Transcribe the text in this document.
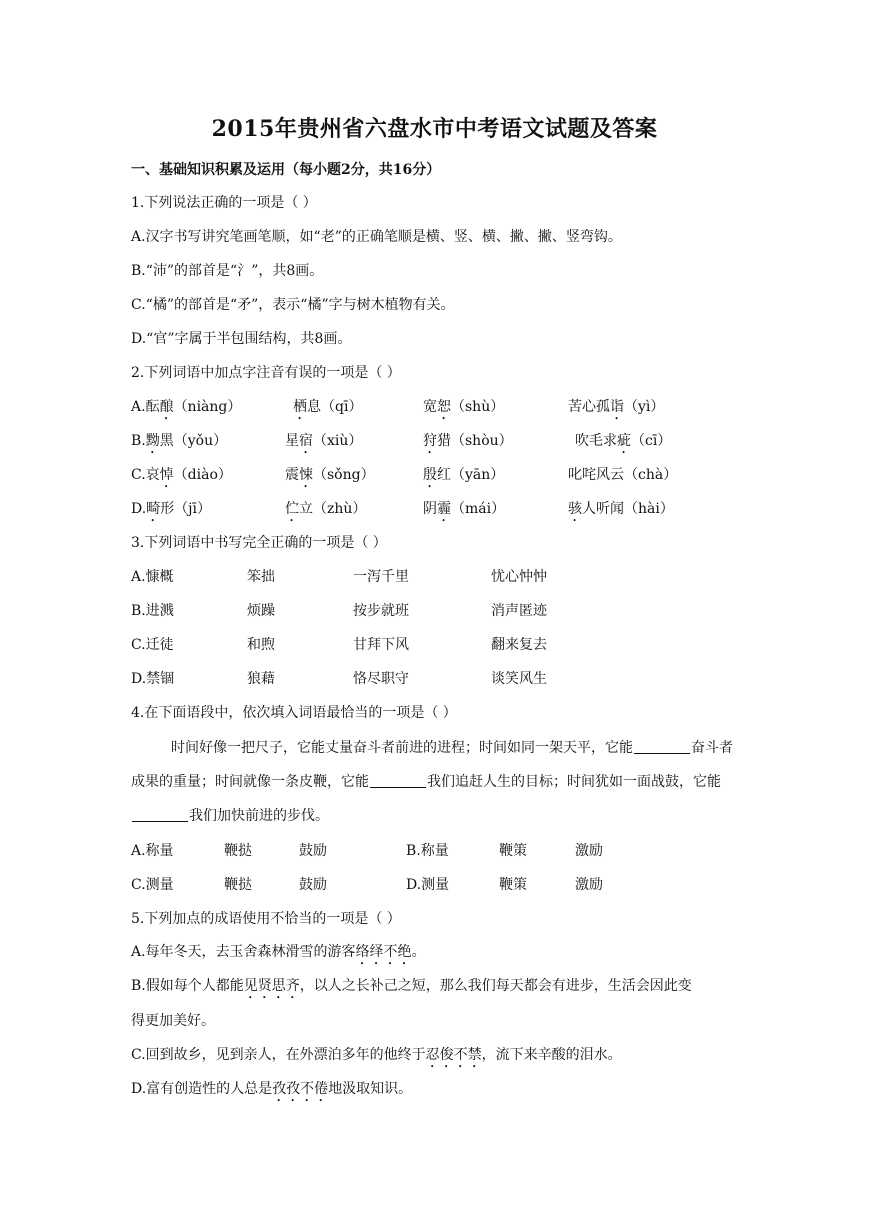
2015年贵州省六盘水市中考语文试题及答案
一、基础知识积累及运用（每小题2分，共16分）
1.下列说法正确的一项是（ ）
A.汉字书写讲究笔画笔顺，如“老”的正确笔顺是横、竖、横、撇、撇、竖弯钩。
B.“沛”的部首是“氵”，共8画。
C.“橘”的部首是“矛”，表示“橘”字与树木植物有关。
D.“官”字属于半包围结构，共8画。
2.下列词语中加点字注音有误的一项是（ ）
A.酝酿（niàng）	栖息（qī）	宽恕（shù）	苦心孤诣（yì）
B.黝黑（yǒu）	星宿（xiù）	狩猎（shòu）	吹毛求疵（cī）
C.哀悼（diào）	震悚（sǒng）	殷红（yān）	叱咤风云（chà）
D.畸形（jī）	伫立（zhù）	阴霾（mái）	骇人听闻（hài）
3.下列词语中书写完全正确的一项是（ ）
A.慷概	笨拙	一泻千里	忧心忡忡
B.进溅	烦躁	按步就班	消声匿迹
C.迁徒	和煦	甘拜下风	翻来复去
D.禁锢	狼藉	恪尽职守	谈笑风生
4.在下面语段中，依次填入词语最恰当的一项是（ ）
时间好像一把尺子，它能丈量奋斗者前进的进程；时间如同一架天平，它能	奋斗者成果的重量；时间就像一条皮鞭，它能	我们追赶人生的目标；时间犹如一面战鼓，它能我们加快前进的步伐。
A.称量	鞭挞	鼓励	B.称量	鞭策	激励
C.测量	鞭挞	鼓励	D.测量	鞭策	激励
5.下列加点的成语使用不恰当的一项是（ ）
A.每年冬天，去玉舍森林滑雪的游客络绎不绝。
B.假如每个人都能见贤思齐，以人之长补己之短，那么我们每天都会有进步，生活会因此变
得更加美好。
C.回到故乡，见到亲人，在外漂泊多年的他终于忍俊不禁，流下来辛酸的泪水。
D.富有创造性的人总是孜孜不倦地汲取知识。
